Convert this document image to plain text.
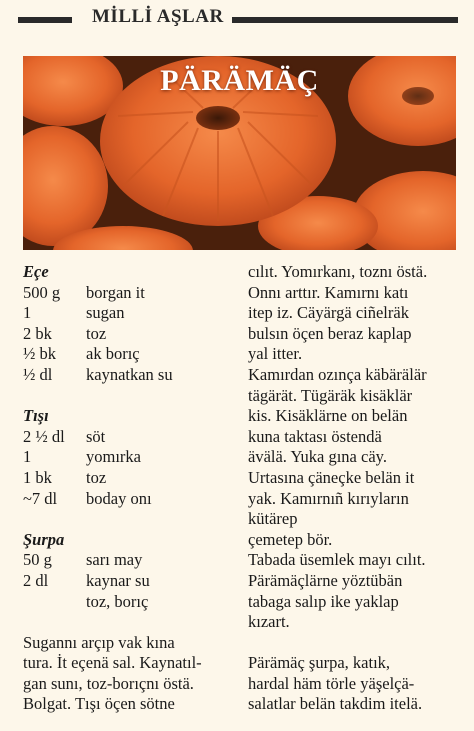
MİLLİ AŞLAR
PÄRÄMÄÇ
Eçe
500 g	borgan it
1	sugan
2 bk	toz
½ bk	ak borıç
½ dl	kaynatkan su
Tışı
2 ½ dl	söt
1	yomırka
1 bk	toz
~7 dl	boday onı
Şurpa
50 g	sarı may
2 dl	kaynar su
toz, borıç
Sugannı arçıp vak kına
tura. İt eçenä sal. Kaynatıl-
gan sunı, toz-borıçnı östä.
Bolgat. Tışı öçen sötne

cılıt. Yomırkanı, toznı östä.

Onnı arttır. Kamırnı katı

itep iz. Cäyärgä ciñelräk

bulsın öçen beraz kaplap

yal itter.

Kamırdan ozınça käbärälär

tägärät. Tügäräk kisäklär

kis. Kisäklärne on belän

kuna taktası östendä

ävälä. Yuka gına cäy.

Urtasına çäneçke belän it

yak. Kamırnıñ kırıyların

kütärep

çemetep bör.

Tabada üsemlek mayı cılıt.

Pärämäçlärne yöztübän

tabaga salıp ike yaklap

kızart.

Pärämäç şurpa, katık,

hardal häm törle yäşelçä-

salatlar belän takdim itelä.
